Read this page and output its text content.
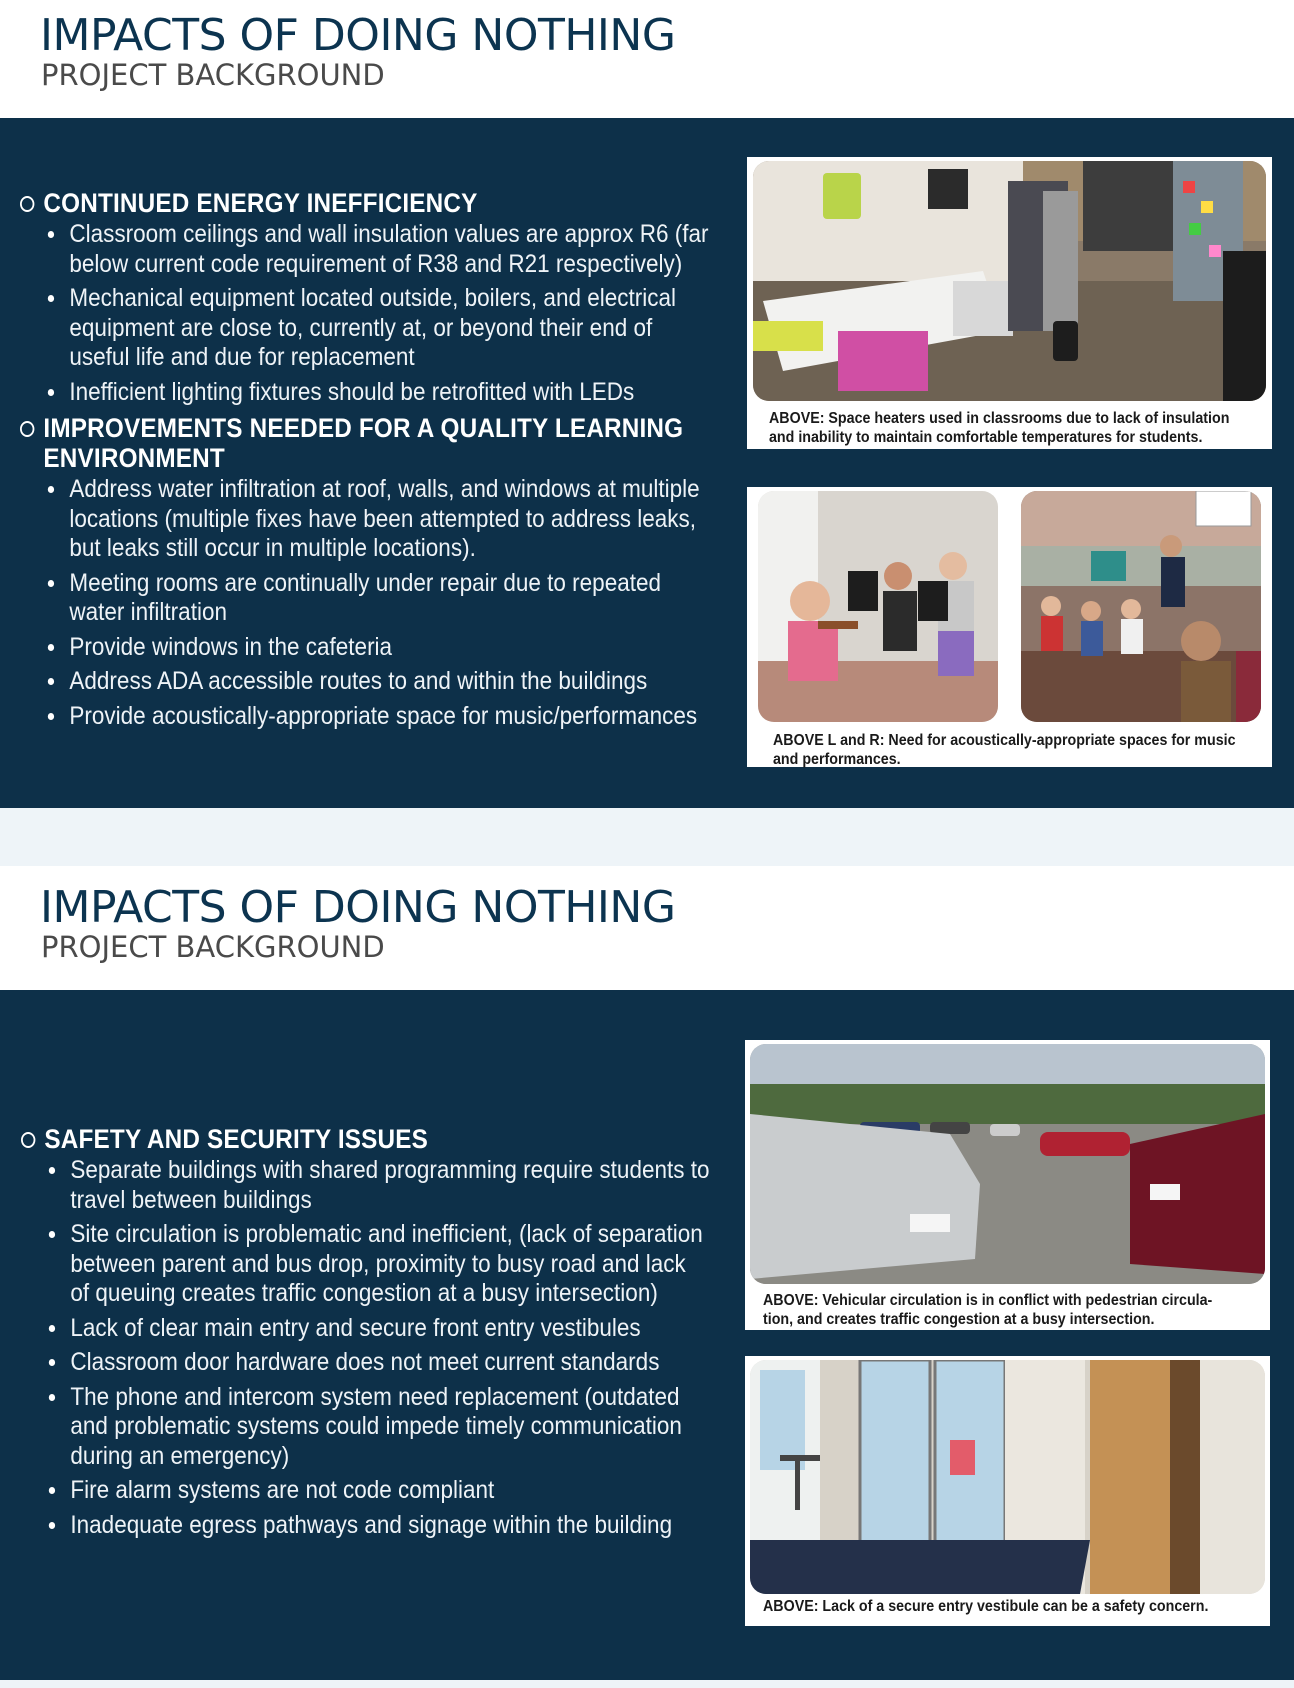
IMPACTS OF DOING NOTHING
PROJECT BACKGROUND
CONTINUED ENERGY INEFFICIENCY
Classroom ceilings and wall insulation values are approx R6 (far
below current code requirement of R38 and R21 respectively)
Mechanical equipment located outside, boilers, and electrical
equipment are close to, currently at, or beyond their end of
useful life and due for replacement
Inefficient lighting fixtures should be retrofitted with LEDs
IMPROVEMENTS NEEDED FOR A QUALITY LEARNING
ENVIRONMENT
Address water infiltration at roof, walls, and windows at multiple
locations (multiple fixes have been attempted to address leaks,
but leaks still occur in multiple locations).
Meeting rooms are continually under repair due to repeated
water infiltration
Provide windows in the cafeteria
Address ADA accessible routes to and within the buildings
Provide acoustically-appropriate space for music/performances
ABOVE: Space heaters used in classrooms due to lack of insulation
and inability to maintain comfortable temperatures for students.
ABOVE L and R: Need for acoustically-appropriate spaces for music
and performances.
IMPACTS OF DOING NOTHING
PROJECT BACKGROUND
SAFETY AND SECURITY ISSUES
Separate buildings with shared programming require students to
travel between buildings
Site circulation is problematic and inefficient, (lack of separation
between parent and bus drop, proximity to busy road and lack
of queuing creates traffic congestion at a busy intersection)
Lack of clear main entry and secure front entry vestibules
Classroom door hardware does not meet current standards
The phone and intercom system need replacement (outdated
and problematic systems could impede timely communication
during an emergency)
Fire alarm systems are not code compliant
Inadequate egress pathways and signage within the building
ABOVE: Vehicular circulation is in conflict with pedestrian circula-
tion, and creates traffic congestion at a busy intersection.
ABOVE: Lack of a secure entry vestibule can be a safety concern.
